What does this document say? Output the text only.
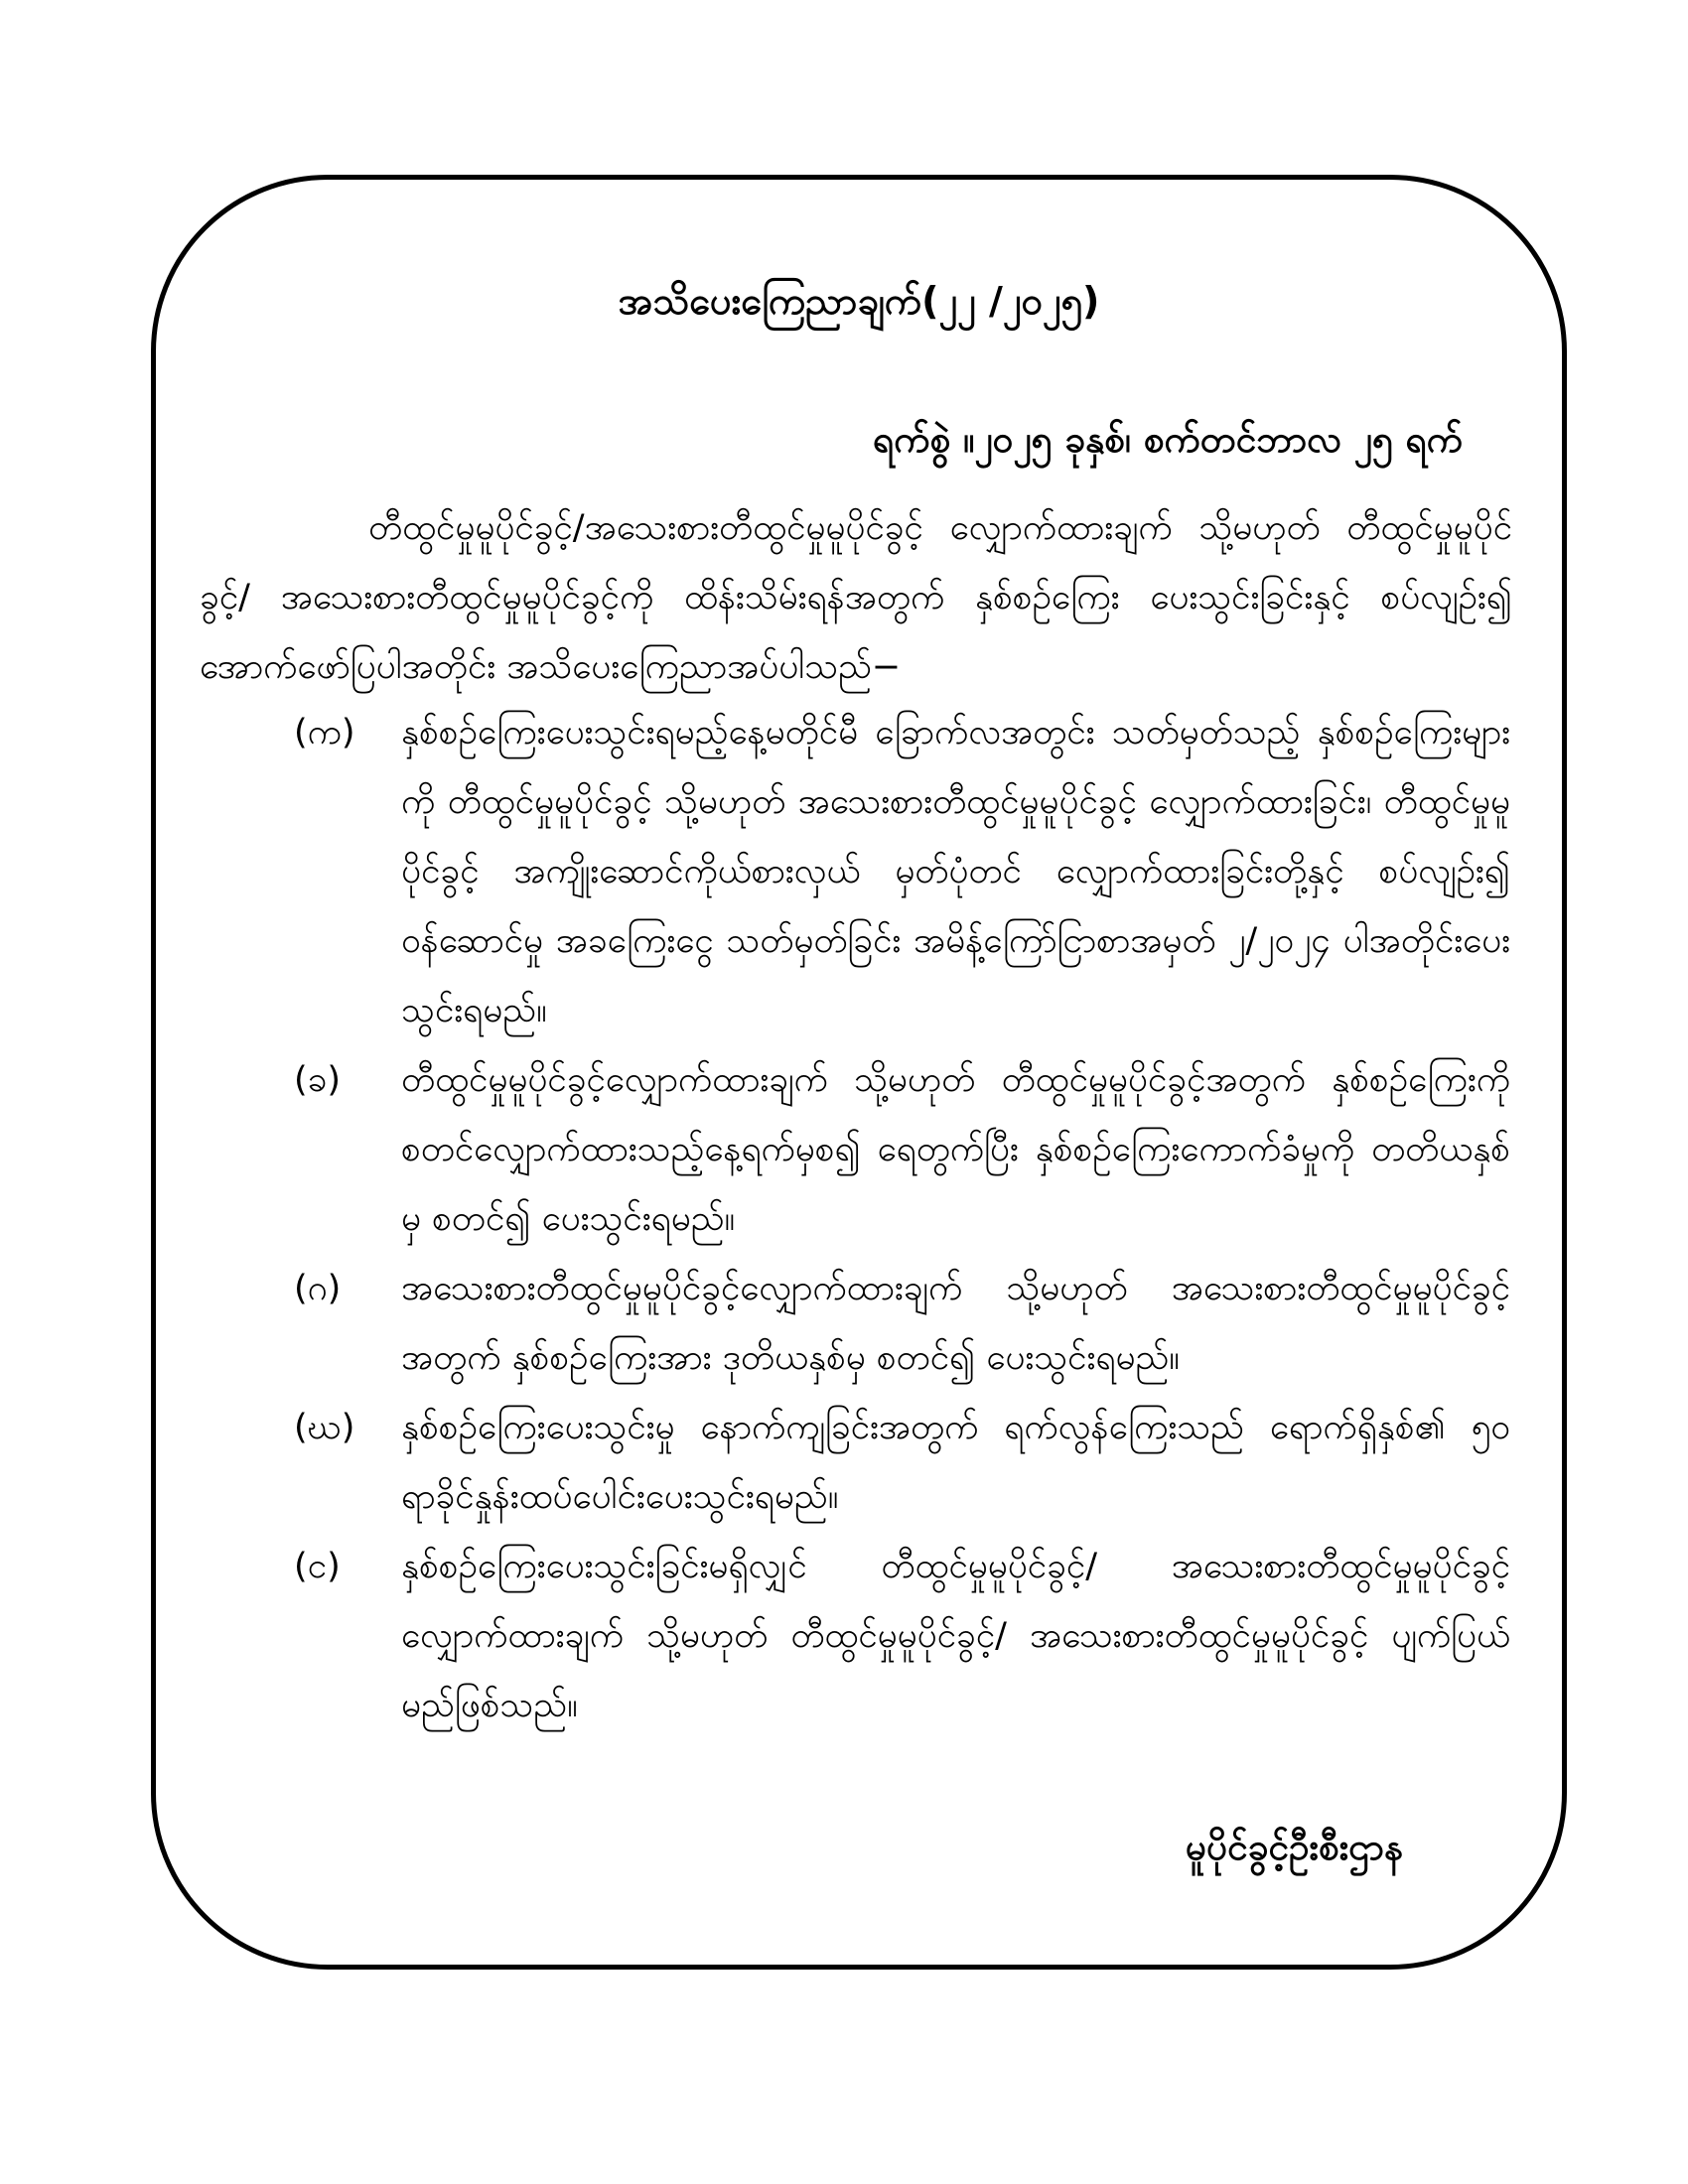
အသိပေးကြေညာချက်(၂၂ /၂၀၂၅)
ရက်စွဲ ။၂၀၂၅ ခုနှစ်၊ စက်တင်ဘာလ ၂၅ ရက်

တီထွင်မှုမူပိုင်ခွင့်/အသေးစားတီထွင်မှုမူပိုင်ခွင့် လျှောက်ထားချက် သို့မဟုတ် တီထွင်မှုမူပိုင်ခွင့်/ အသေးစားတီထွင်မှုမူပိုင်ခွင့်ကို ထိန်းသိမ်းရန်အတွက် နှစ်စဉ်ကြေး ပေးသွင်းခြင်းနှင့် စပ်လျဉ်း၍ အောက်ဖော်ပြပါအတိုင်း အသိပေးကြေညာအပ်ပါသည်−

(က) နှစ်စဉ်ကြေးပေးသွင်းရမည့်နေ့မတိုင်မီ ခြောက်လအတွင်း သတ်မှတ်သည့် နှစ်စဉ်ကြေးများကို တီထွင်မှုမူပိုင်ခွင့် သို့မဟုတ် အသေးစားတီထွင်မှုမူပိုင်ခွင့် လျှောက်ထားခြင်း၊ တီထွင်မှုမူပိုင်ခွင့် အကျိုးဆောင်ကိုယ်စားလှယ် မှတ်ပုံတင် လျှောက်ထားခြင်းတို့နှင့် စပ်လျဉ်း၍ ဝန်ဆောင်မှု အခကြေးငွေ သတ်မှတ်ခြင်း အမိန့်ကြော်ငြာစာအမှတ် ၂/၂၀၂၄ ပါအတိုင်းပေးသွင်းရမည်။
(ခ) တီထွင်မှုမူပိုင်ခွင့်လျှောက်ထားချက် သို့မဟုတ် တီထွင်မှုမူပိုင်ခွင့်အတွက် နှစ်စဉ်ကြေးကို စတင်လျှောက်ထားသည့်နေ့ရက်မှစ၍ ရေတွက်ပြီး နှစ်စဉ်ကြေးကောက်ခံမှုကို တတိယနှစ်မှ စတင်၍ ပေးသွင်းရမည်။
(ဂ) အသေးစားတီထွင်မှုမူပိုင်ခွင့်လျှောက်ထားချက် သို့မဟုတ် အသေးစားတီထွင်မှုမူပိုင်ခွင့်အတွက် နှစ်စဉ်ကြေးအား ဒုတိယနှစ်မှ စတင်၍ ပေးသွင်းရမည်။
(ဃ) နှစ်စဉ်ကြေးပေးသွင်းမှု နောက်ကျခြင်းအတွက် ရက်လွန်ကြေးသည် ရောက်ရှိနှစ်၏ ၅၀ ရာခိုင်နှုန်းထပ်ပေါင်းပေးသွင်းရမည်။
(င) နှစ်စဉ်ကြေးပေးသွင်းခြင်းမရှိလျှင် တီထွင်မှုမူပိုင်ခွင့်/ အသေးစားတီထွင်မှုမူပိုင်ခွင့် လျှောက်ထားချက် သို့မဟုတ် တီထွင်မှုမူပိုင်ခွင့်/ အသေးစားတီထွင်မှုမူပိုင်ခွင့် ပျက်ပြယ်မည်ဖြစ်သည်။
မူပိုင်ခွင့်ဦးစီးဌာန
